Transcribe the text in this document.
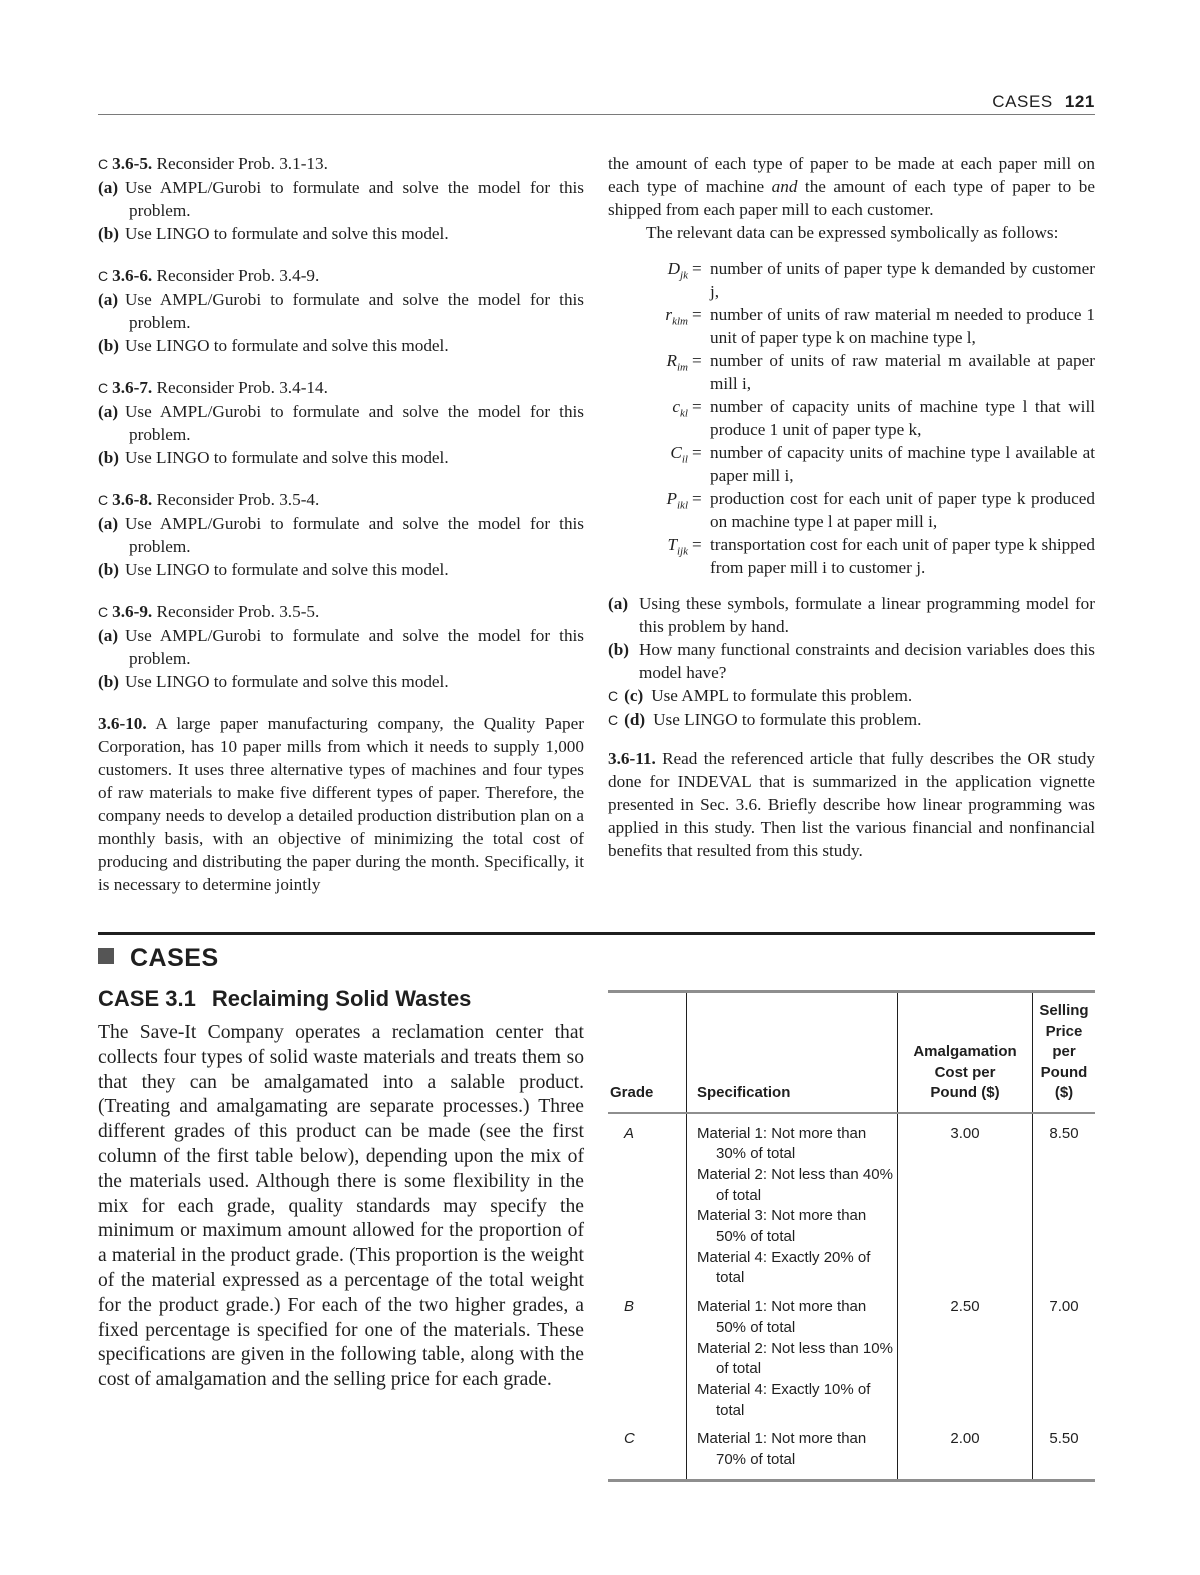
CASES 121

C 3.6-5. Reconsider Prob. 3.1-13.

(a) Use AMPL/Gurobi to formulate and solve the model for this problem.

(b) Use LINGO to formulate and solve this model.

C 3.6-6. Reconsider Prob. 3.4-9.

(a) Use AMPL/Gurobi to formulate and solve the model for this problem.

(b) Use LINGO to formulate and solve this model.

C 3.6-7. Reconsider Prob. 3.4-14.

(a) Use AMPL/Gurobi to formulate and solve the model for this problem.

(b) Use LINGO to formulate and solve this model.

C 3.6-8. Reconsider Prob. 3.5-4.

(a) Use AMPL/Gurobi to formulate and solve the model for this problem.

(b) Use LINGO to formulate and solve this model.

C 3.6-9. Reconsider Prob. 3.5-5.

(a) Use AMPL/Gurobi to formulate and solve the model for this problem.

(b) Use LINGO to formulate and solve this model.

3.6-10. A large paper manufacturing company, the Quality Paper Corporation, has 10 paper mills from which it needs to supply 1,000 customers. It uses three alternative types of machines and four types of raw materials to make five different types of paper. Therefore, the company needs to develop a detailed production distribution plan on a monthly basis, with an objective of minimizing the total cost of producing and distributing the paper during the month. Specifically, it is necessary to determine jointly

the amount of each type of paper to be made at each paper mill on each type of machine and the amount of each type of paper to be shipped from each paper mill to each customer.

The relevant data can be expressed symbolically as follows:

$D_{jk}$ = number of units of paper type k demanded by customer j,
$r_{klm}$ = number of units of raw material m needed to produce 1 unit of paper type k on machine type l,
$R_{im}$ = number of units of raw material m available at paper mill i,
$c_{kl}$ = number of capacity units of machine type l that will produce 1 unit of paper type k,
$C_{il}$ = number of capacity units of machine type l available at paper mill i,
$P_{ikl}$ = production cost for each unit of paper type k produced on machine type l at paper mill i,
$T_{ijk}$ = transportation cost for each unit of paper type k shipped from paper mill i to customer j.

(a) Using these symbols, formulate a linear programming model for this problem by hand.

(b) How many functional constraints and decision variables does this model have?

C (c) Use AMPL to formulate this problem.

C (d) Use LINGO to formulate this problem.

3.6-11. Read the referenced article that fully describes the OR study done for INDEVAL that is summarized in the application vignette presented in Sec. 3.6. Briefly describe how linear programming was applied in this study. Then list the various financial and nonfinancial benefits that resulted from this study.

CASES
CASE 3.1 Reclaiming Solid Wastes

The Save-It Company operates a reclamation center that collects four types of solid waste materials and treats them so that they can be amalgamated into a salable product. (Treating and amalgamating are separate processes.) Three different grades of this product can be made (see the first column of the first table below), depending upon the mix of the materials used. Although there is some flexibility in the mix for each grade, quality standards may specify the minimum or maximum amount allowed for the proportion of a material in the product grade. (This proportion is the weight of the material expressed as a percentage of the total weight for the product grade.) For each of the two higher grades, a fixed percentage is specified for one of the materials. These specifications are given in the following table, along with the cost of amalgamation and the selling price for each grade.

Grade	Specification	Amalgamation
Cost per
Pound ($)	Selling
Price per
Pound ($)
A	Material 1: Not more than 30% of total
Material 2: Not less than 40% of total
Material 3: Not more than 50% of total
Material 4: Exactly 20% of total	3.00	8.50
B	Material 1: Not more than 50% of total
Material 2: Not less than 10% of total
Material 4: Exactly 10% of total	2.50	7.00
C	Material 1: Not more than 70% of total	2.00	5.50
